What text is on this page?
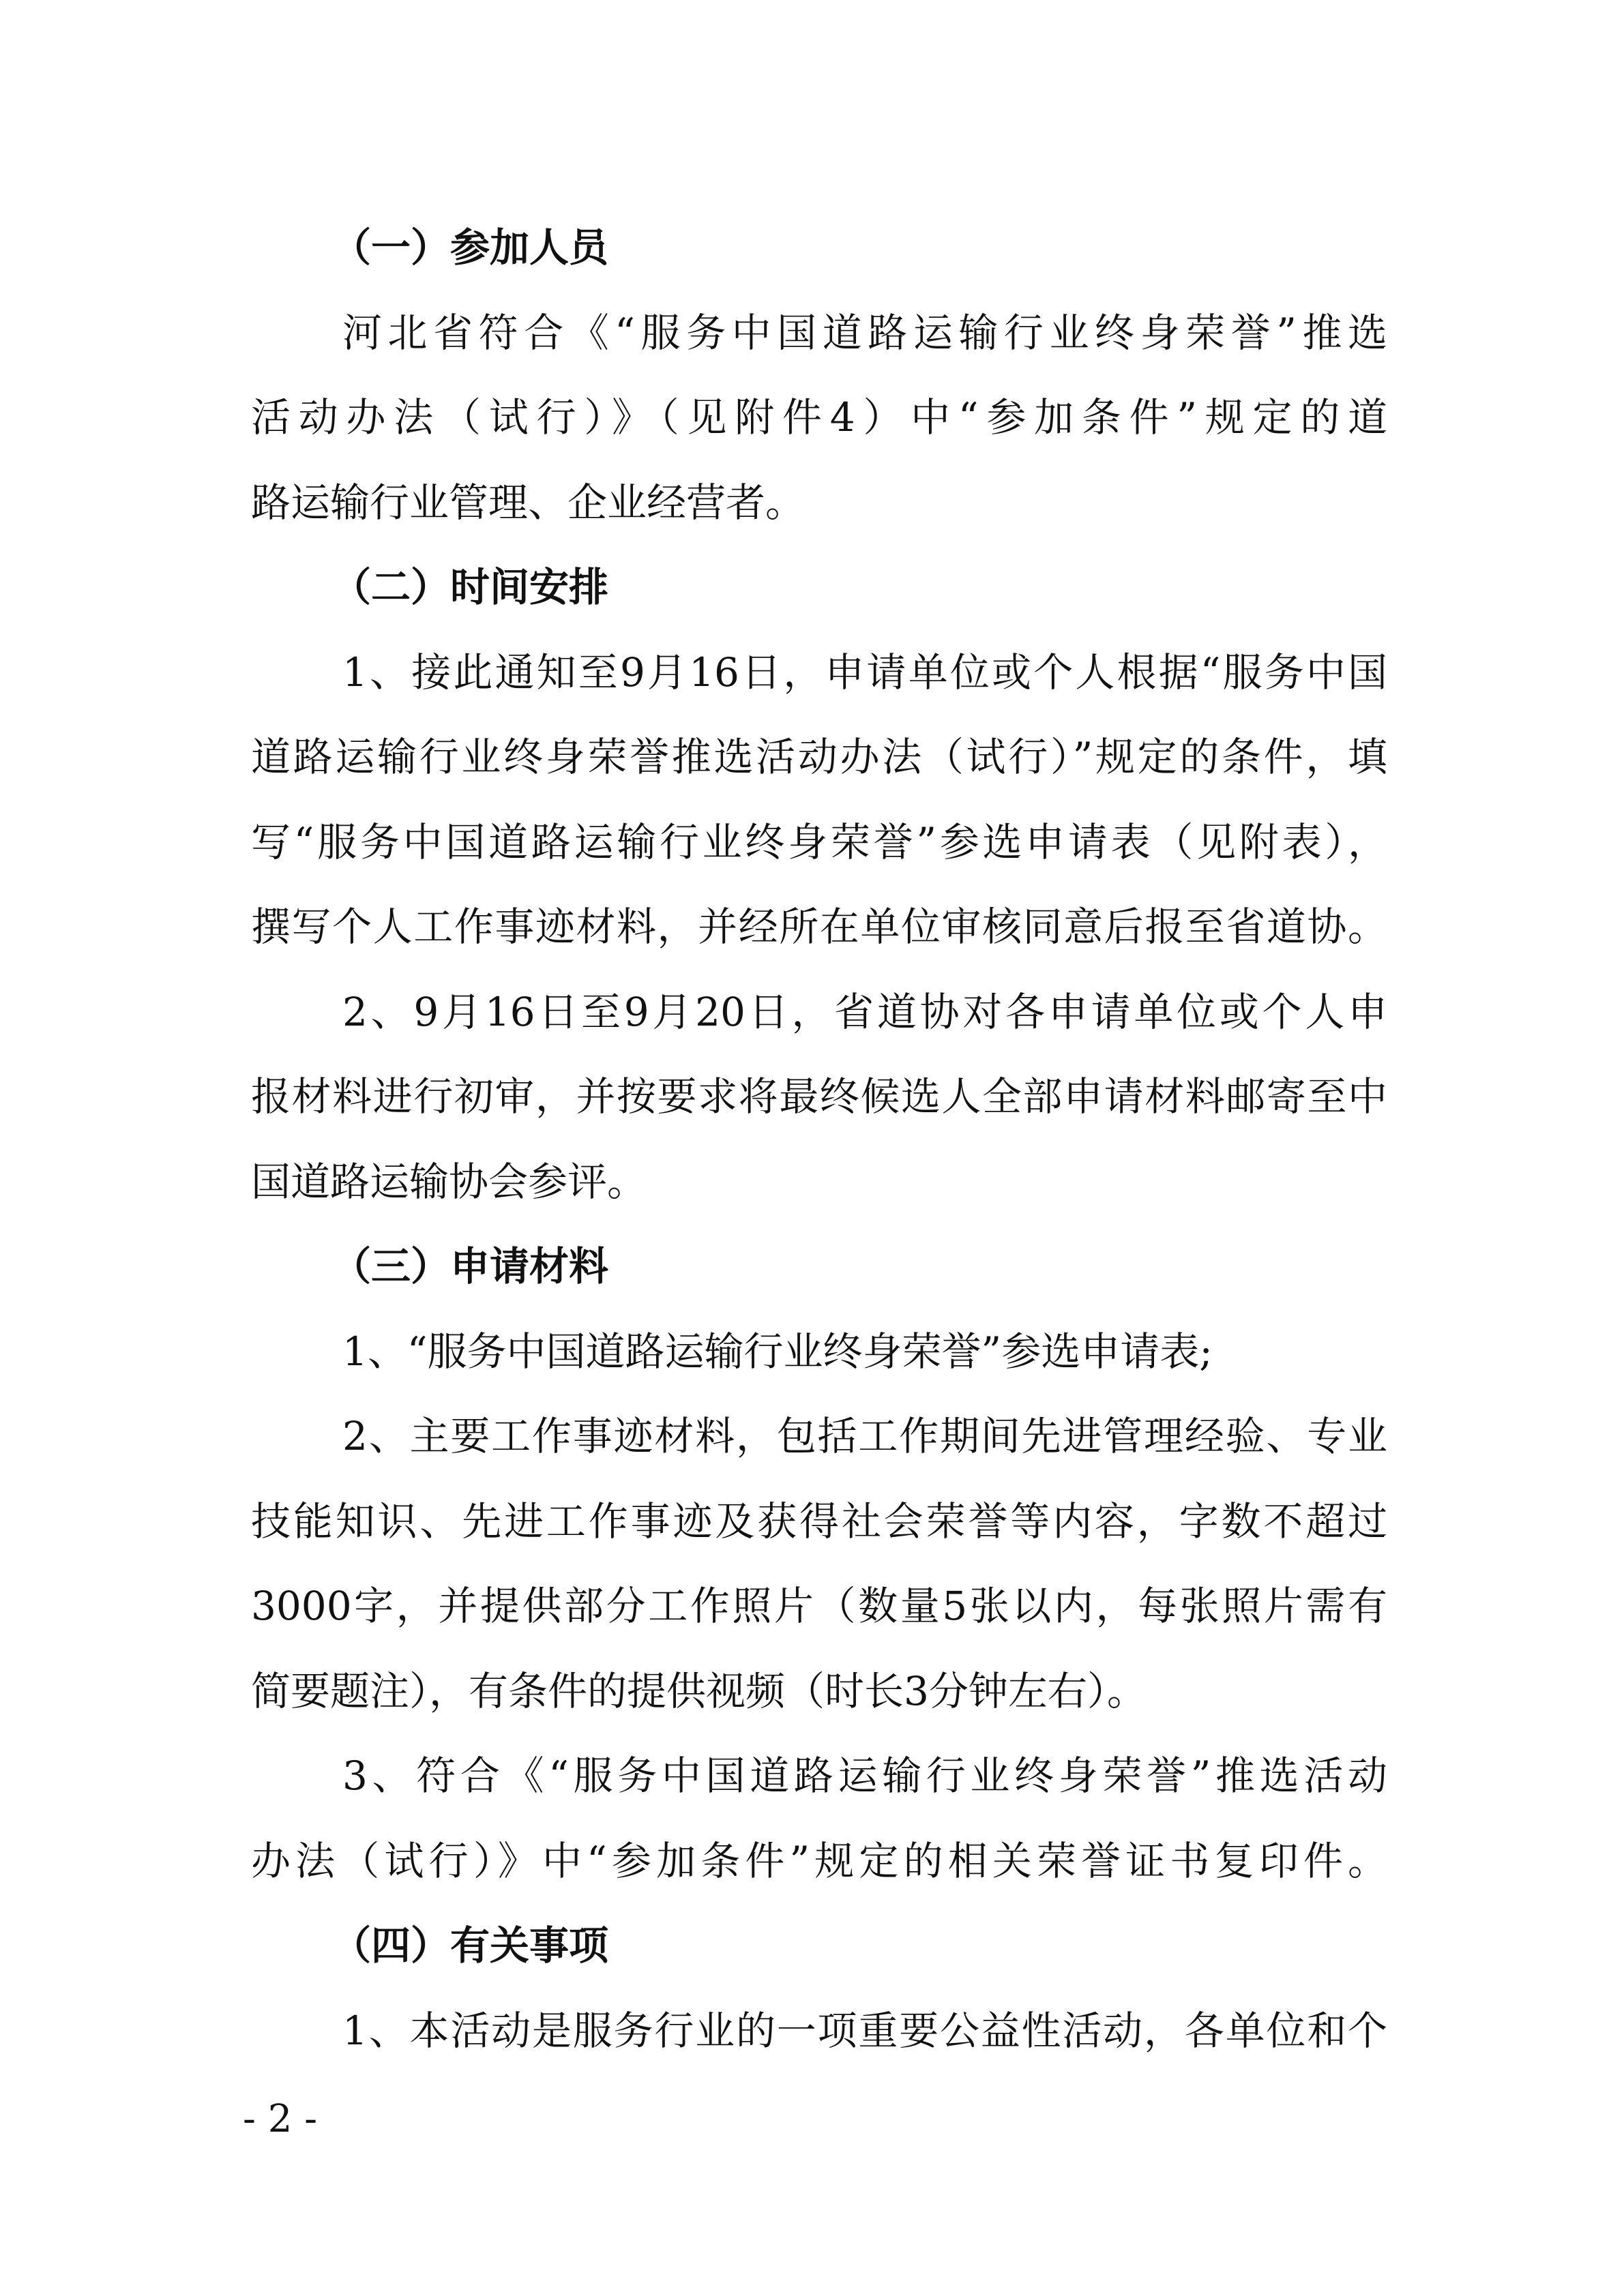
（一）参加人员
河北省符合《“服务中国道路运输行业终身荣誉”推选
活动办法（试行）》（见附件4）中“参加条件”规定的道
路运输行业管理、企业经营者。
（二）时间安排
1、接此通知至9月16日，申请单位或个人根据“服务中国
道路运输行业终身荣誉推选活动办法（试行）”规定的条件，填
写“服务中国道路运输行业终身荣誉”参选申请表（见附表），
撰写个人工作事迹材料，并经所在单位审核同意后报至省道协。
2、9月16日至9月20日，省道协对各申请单位或个人申
报材料进行初审，并按要求将最终候选人全部申请材料邮寄至中
国道路运输协会参评。
（三）申请材料
1、“服务中国道路运输行业终身荣誉”参选申请表;
2、主要工作事迹材料，包括工作期间先进管理经验、专业
技能知识、先进工作事迹及获得社会荣誉等内容，字数不超过
3000字，并提供部分工作照片（数量5张以内，每张照片需有
简要题注），有条件的提供视频（时长3分钟左右）。
3、符合《“服务中国道路运输行业终身荣誉”推选活动
办法（试行）》中“参加条件”规定的相关荣誉证书复印件。
（四）有关事项
1、本活动是服务行业的一项重要公益性活动，各单位和个
- 2 -
